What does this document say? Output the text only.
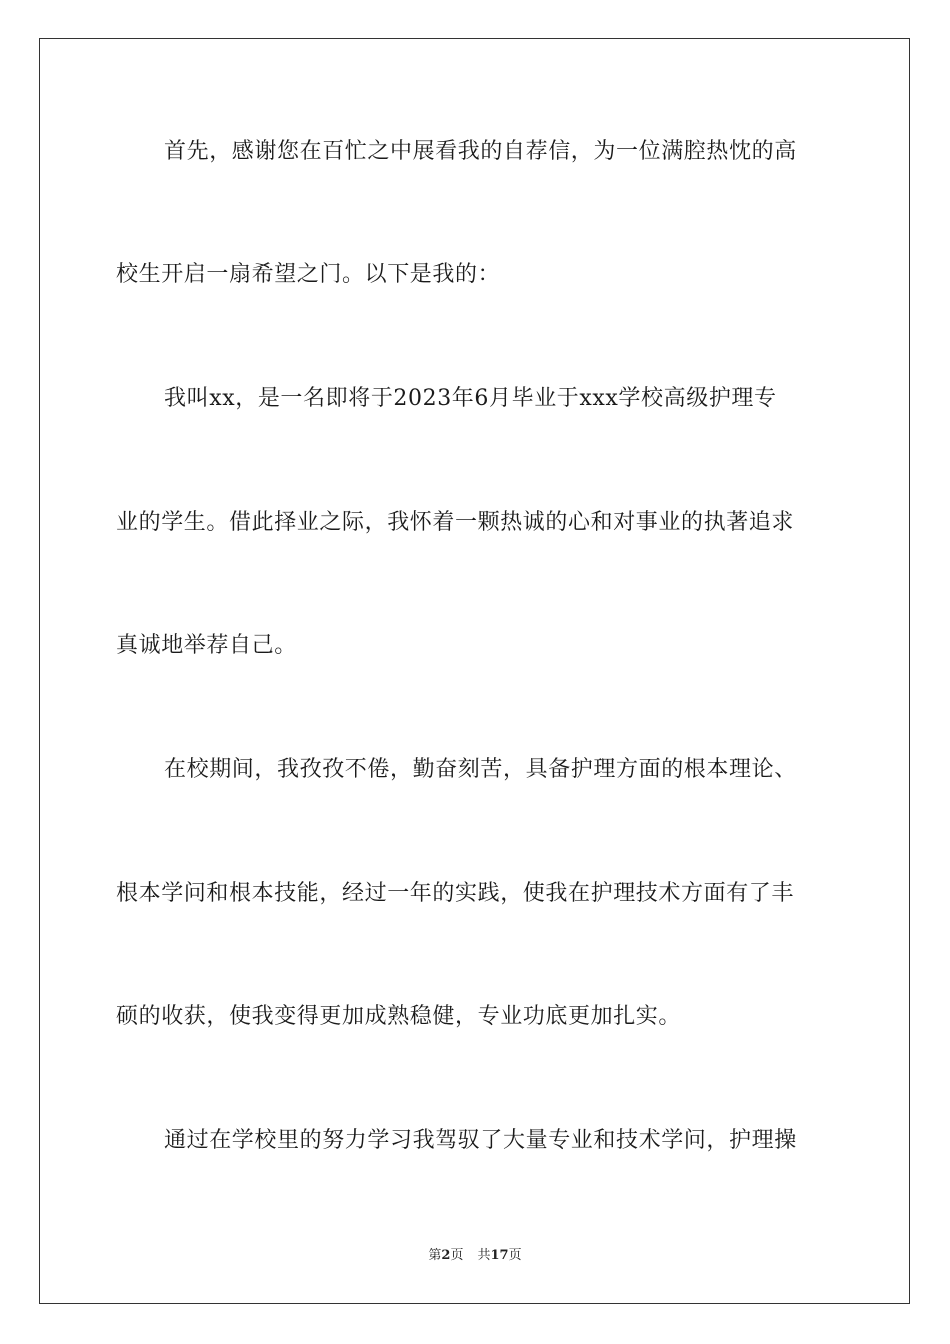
首先，感谢您在百忙之中展看我的自荐信，为一位满腔热忱的高
校生开启一扇希望之门。以下是我的：
我叫xx，是一名即将于2023年6月毕业于xxx学校高级护理专
业的学生。借此择业之际，我怀着一颗热诚的心和对事业的执著追求
真诚地举荐自己。
在校期间，我孜孜不倦，勤奋刻苦，具备护理方面的根本理论、
根本学问和根本技能，经过一年的实践，使我在护理技术方面有了丰
硕的收获，使我变得更加成熟稳健，专业功底更加扎实。
通过在学校里的努力学习我驾驭了大量专业和技术学问，护理操
第2页 共17页
